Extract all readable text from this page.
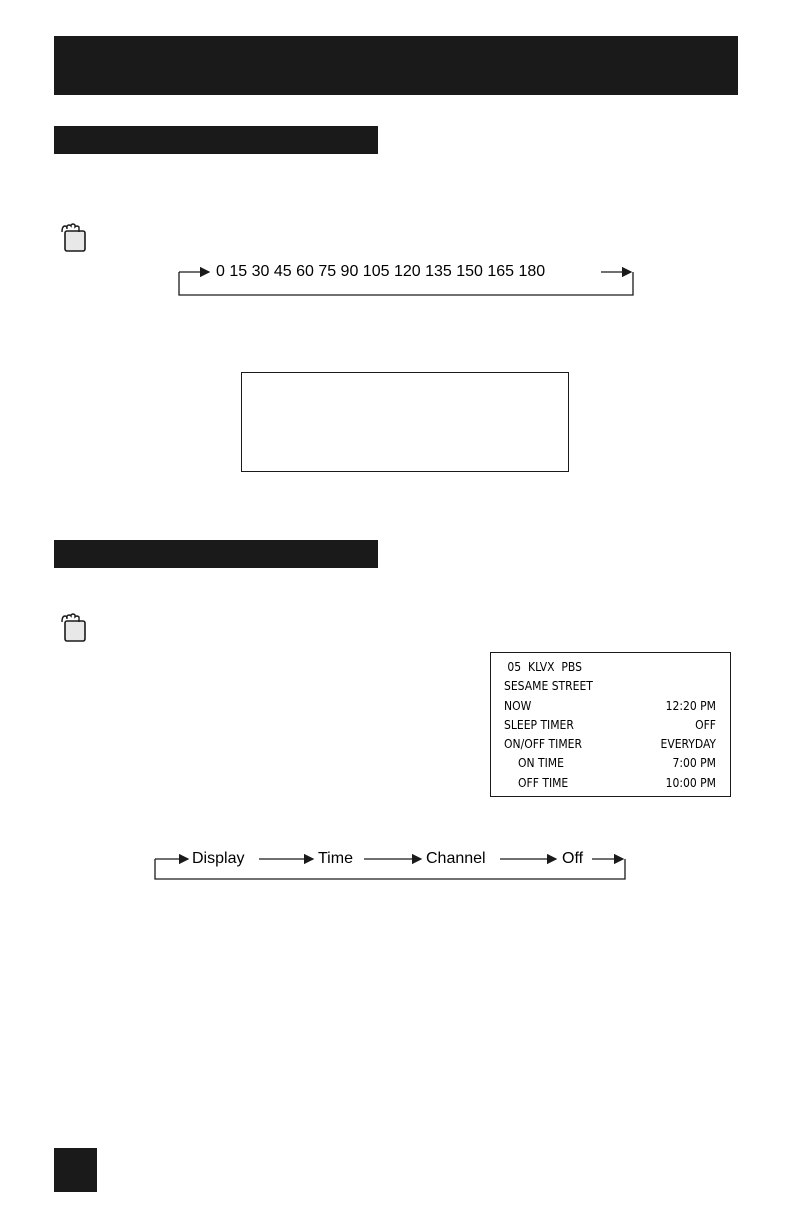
0 15 30 45 60 75 90 105 120 135 150 165 180
05  KLVX  PBS
SESAME STREET
NOW	12:20 PM
SLEEP TIMER	OFF
ON/OFF TIMER	EVERYDAY
ON TIME	7:00 PM
OFF TIME	10:00 PM
Display	Time	Channel	Off
